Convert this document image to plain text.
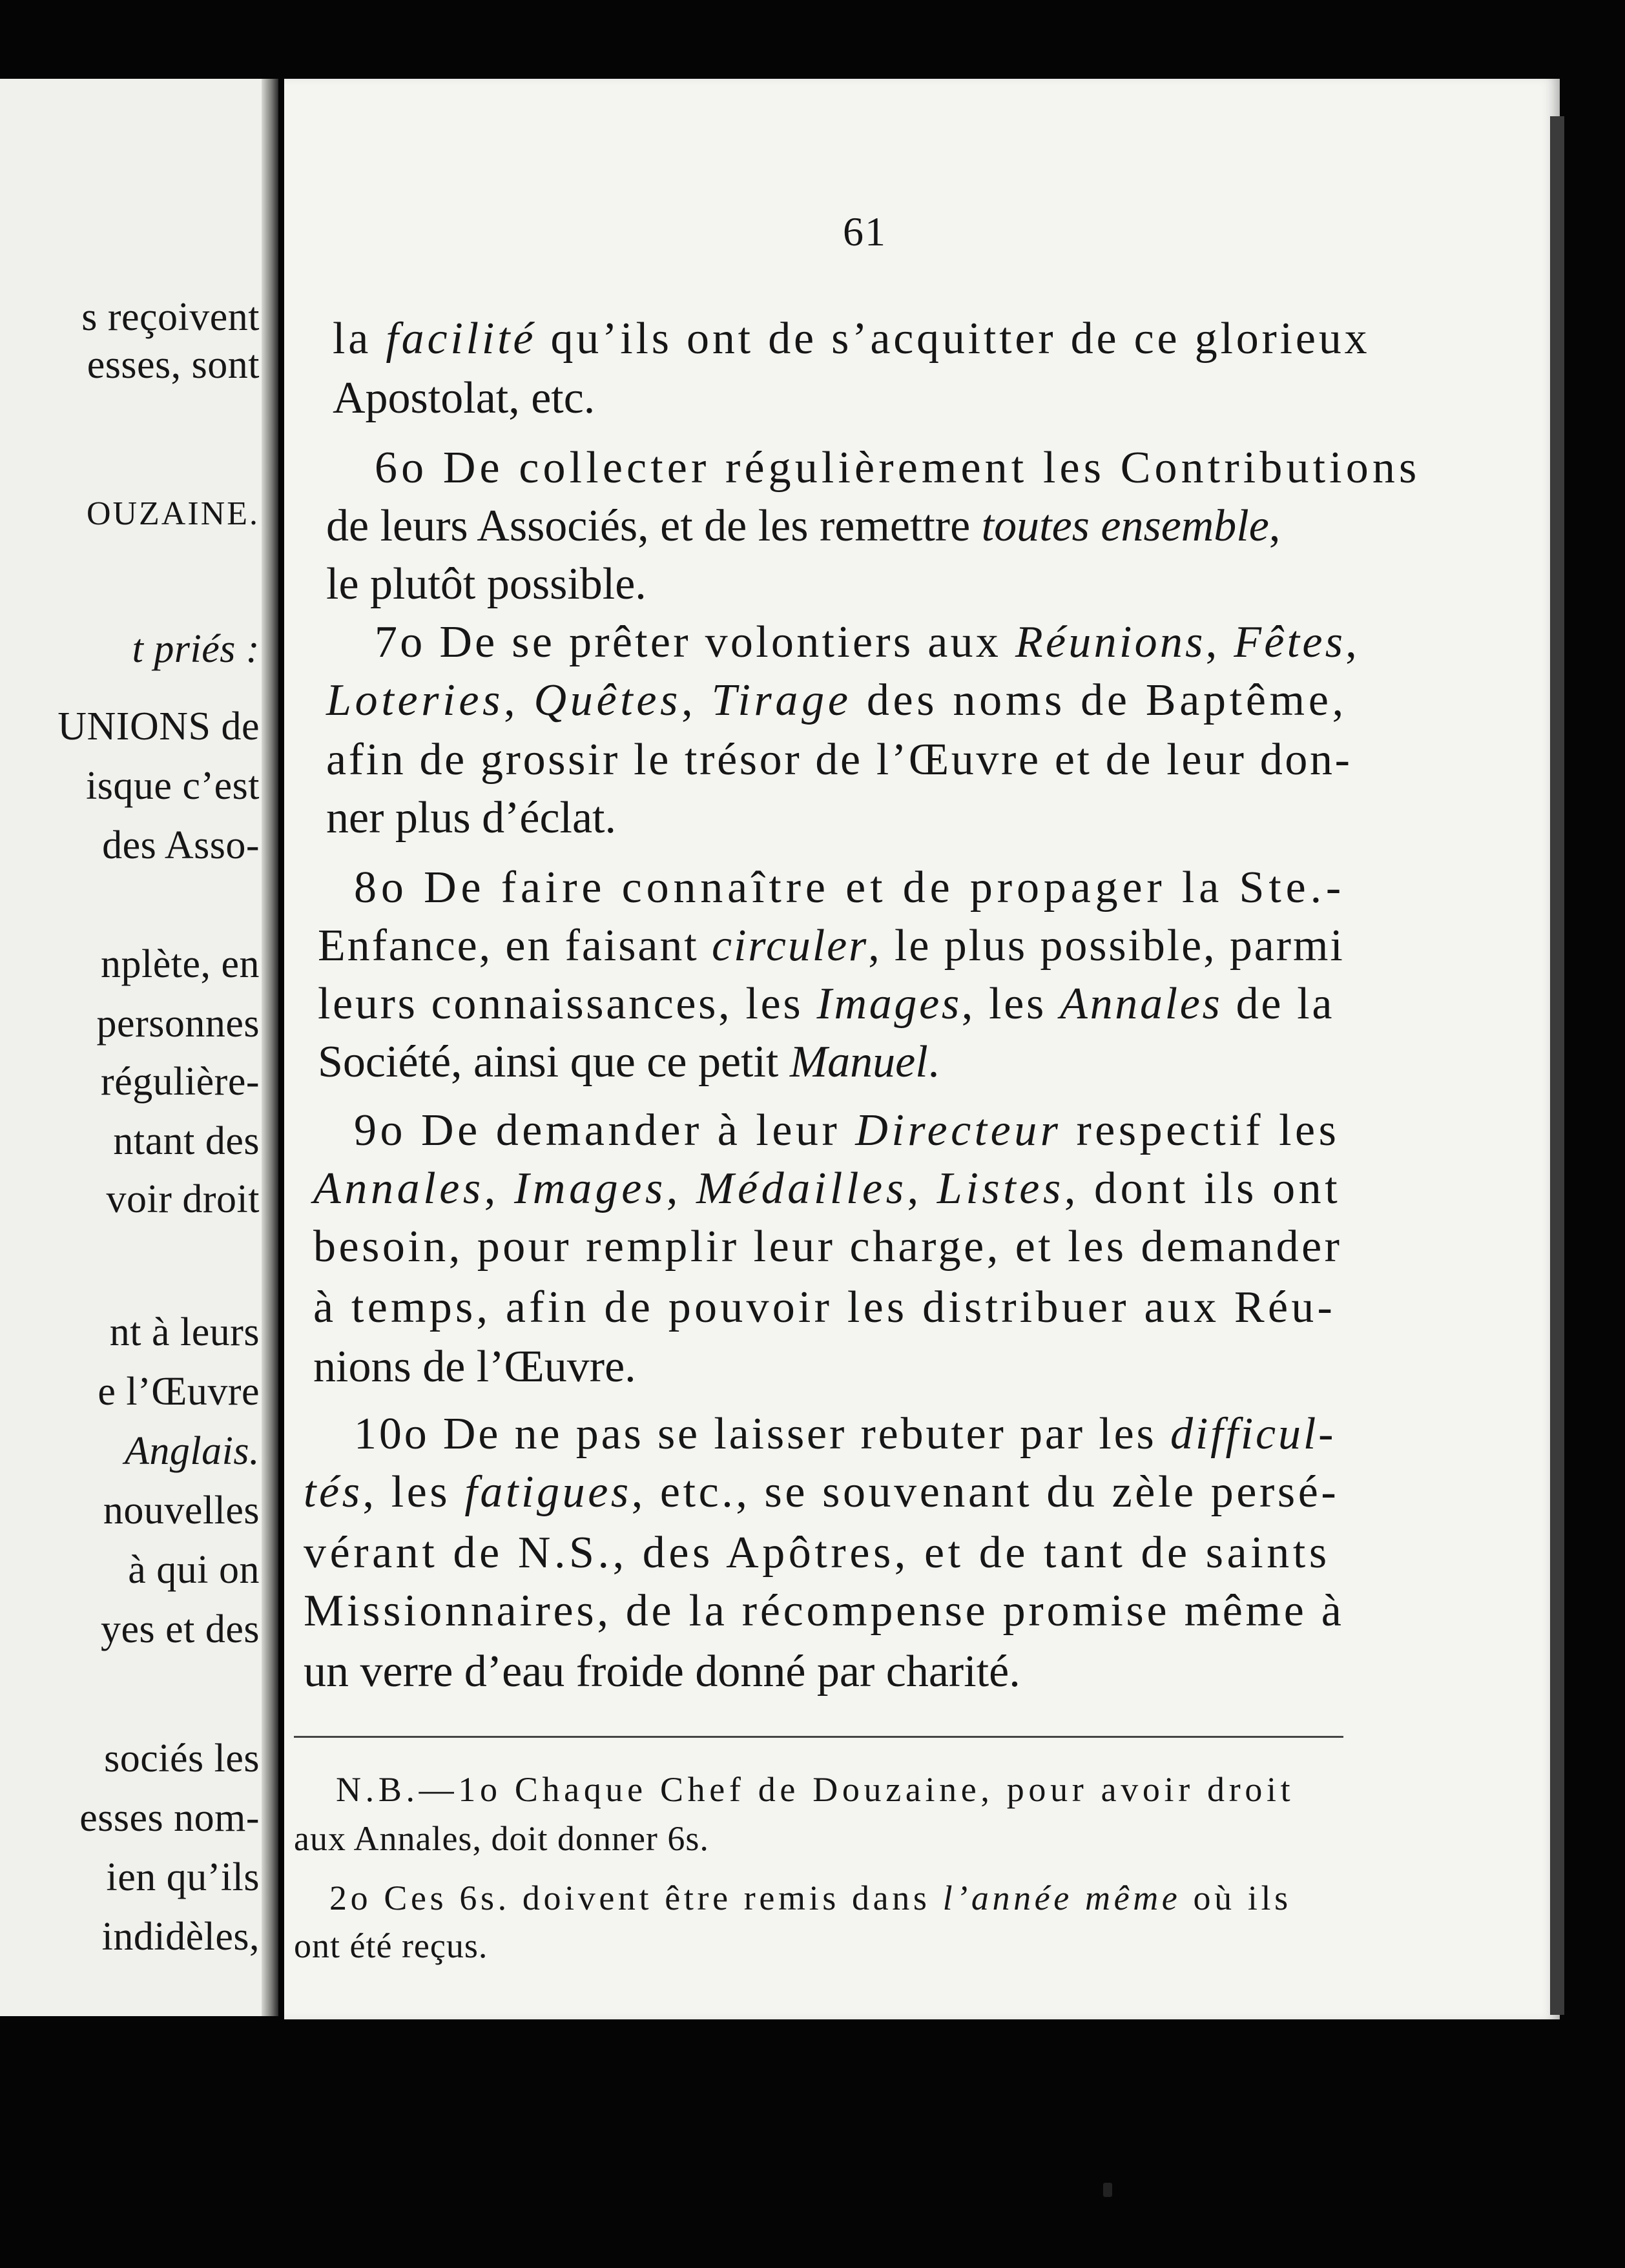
s reçoivent
esses, sont
OUZAINE.
t priés :
UNIONS de
isque c’est
des Asso-
nplète, en
personnes
régulière-
ntant des
voir droit
nt à leurs
e l’Œuvre
Anglais.
nouvelles
à qui on
yes et des
sociés les
esses nom-
ien qu’ils
indidèles,
61
la facilité qu’ils ont de s’acquitter de ce glorieux
Apostolat, etc.
6o De collecter régulièrement les Contributions
de leurs Associés, et de les remettre toutes ensemble,
le plutôt possible.
7o De se prêter volontiers aux Réunions, Fêtes,
Loteries, Quêtes, Tirage des noms de Baptême,
afin de grossir le trésor de l’Œuvre et de leur don-
ner plus d’éclat.
8o De faire connaître et de propager la Ste.-
Enfance, en faisant circuler, le plus possible, parmi
leurs connaissances, les Images, les Annales de la
Société, ainsi que ce petit Manuel.
9o De demander à leur Directeur respectif les
Annales, Images, Médailles, Listes, dont ils ont
besoin, pour remplir leur charge, et les demander
à temps, afin de pouvoir les distribuer aux Réu-
nions de l’Œuvre.
10o De ne pas se laisser rebuter par les difficul-
tés, les fatigues, etc., se souvenant du zèle persé-
vérant de N.S., des Apôtres, et de tant de saints
Missionnaires, de la récompense promise même à
un verre d’eau froide donné par charité.
N.B.—1o Chaque Chef de Douzaine, pour avoir droit
aux Annales, doit donner 6s.
2o Ces 6s. doivent être remis dans l’année même où ils
ont été reçus.
